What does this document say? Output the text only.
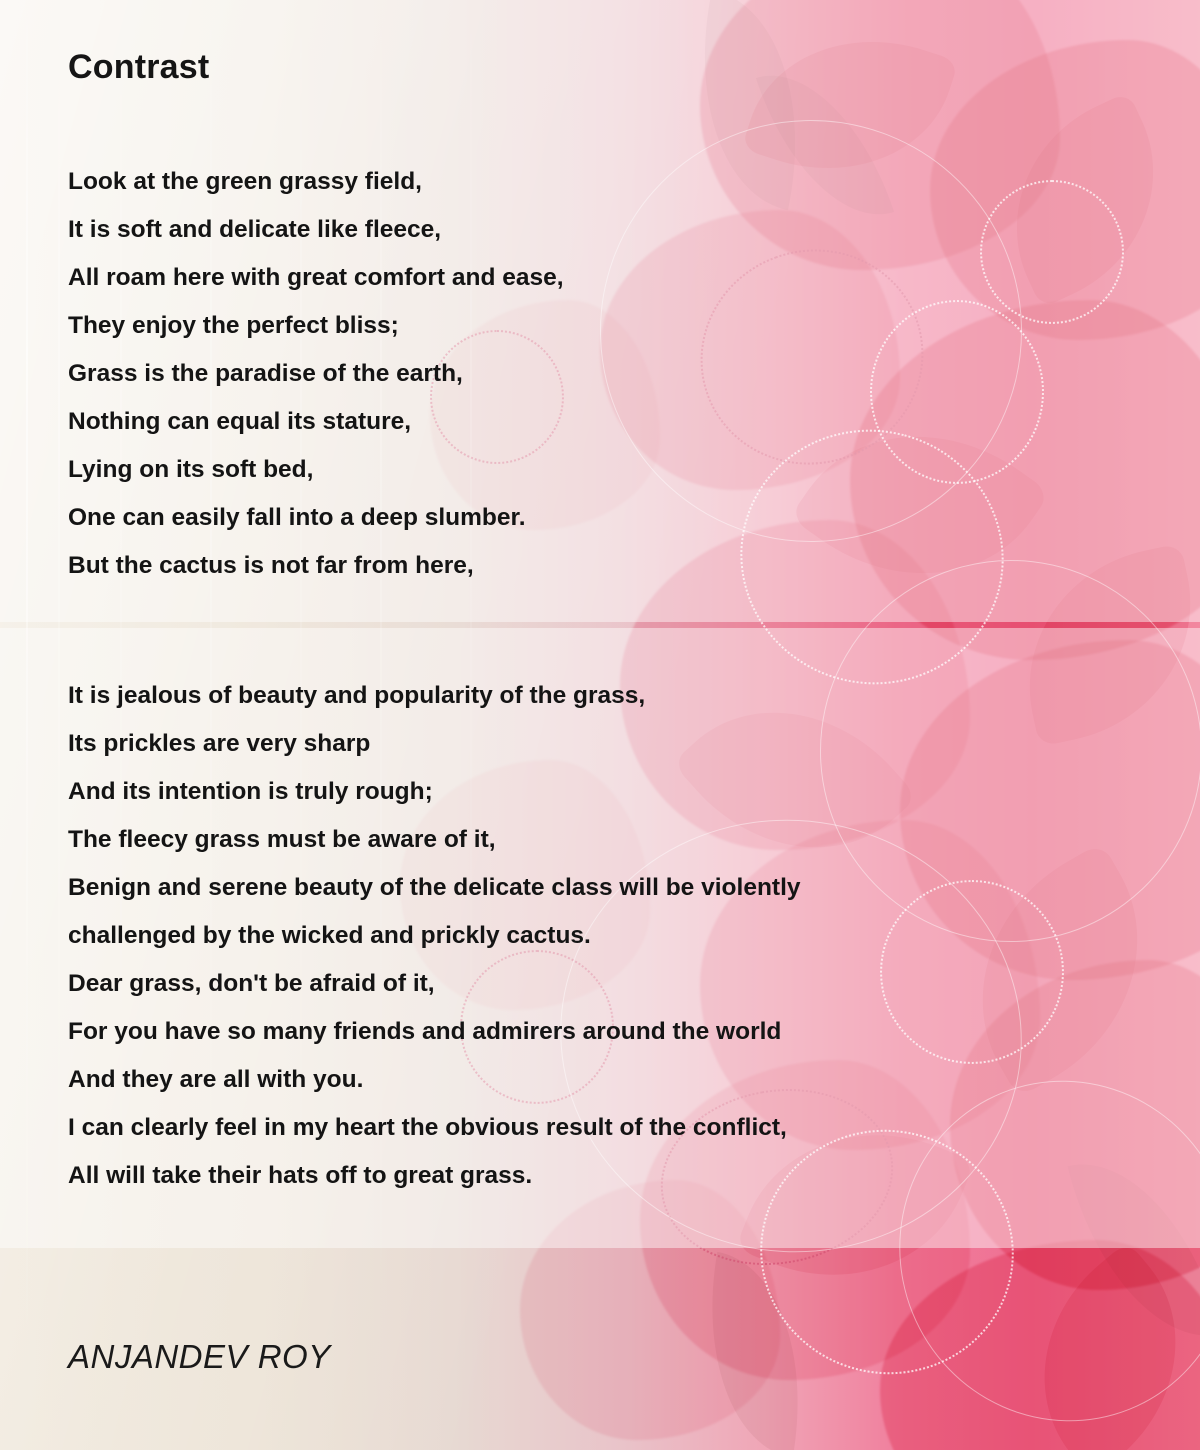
Contrast
Look at the green grassy field,
It is soft and delicate like fleece,
All roam here with great comfort and ease,
They enjoy the perfect bliss;
Grass is the paradise of the earth,
Nothing can equal its stature,
Lying on its soft bed,
One can easily fall into a deep slumber.
But the cactus is not far from here,
It is jealous of beauty and popularity of the grass,
Its prickles are very sharp
And its intention is truly rough;
The fleecy grass must be aware of it,
Benign and serene beauty of the delicate class will be violently
challenged by the wicked and prickly cactus.
Dear grass, don't be afraid of it,
For you have so many friends and admirers around the world
And they are all with you.
I can clearly feel in my heart the obvious result of the conflict,
All will take their hats off to great grass.
ANJANDEV ROY
